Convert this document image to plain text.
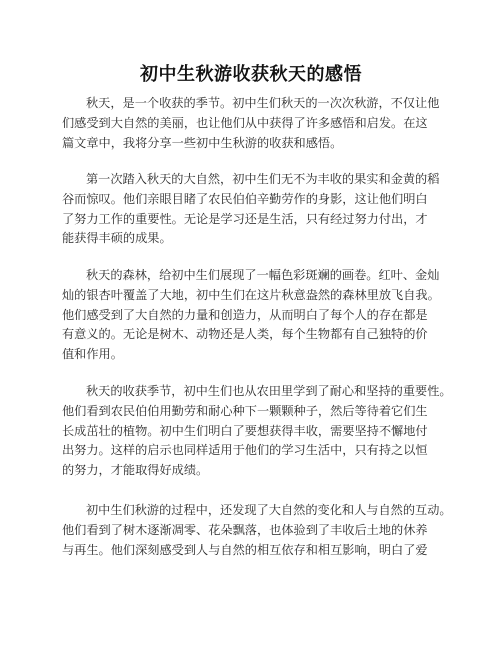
初中生秋游收获秋天的感悟
秋天，是一个收获的季节。初中生们秋天的一次次秋游，不仅让他
们感受到大自然的美丽，也让他们从中获得了许多感悟和启发。在这
篇文章中，我将分享一些初中生秋游的收获和感悟。
第一次踏入秋天的大自然，初中生们无不为丰收的果实和金黄的稻
谷而惊叹。他们亲眼目睹了农民伯伯辛勤劳作的身影，这让他们明白
了努力工作的重要性。无论是学习还是生活，只有经过努力付出，才
能获得丰硕的成果。
秋天的森林，给初中生们展现了一幅色彩斑斓的画卷。红叶、金灿
灿的银杏叶覆盖了大地，初中生们在这片秋意盎然的森林里放飞自我。
他们感受到了大自然的力量和创造力，从而明白了每个人的存在都是
有意义的。无论是树木、动物还是人类，每个生物都有自己独特的价
值和作用。
秋天的收获季节，初中生们也从农田里学到了耐心和坚持的重要性。
他们看到农民伯伯用勤劳和耐心种下一颗颗种子，然后等待着它们生
长成茁壮的植物。初中生们明白了要想获得丰收，需要坚持不懈地付
出努力。这样的启示也同样适用于他们的学习生活中，只有持之以恒
的努力，才能取得好成绩。
初中生们秋游的过程中，还发现了大自然的变化和人与自然的互动。
他们看到了树木逐渐凋零、花朵飘落，也体验到了丰收后土地的休养
与再生。他们深刻感受到人与自然的相互依存和相互影响，明白了爱
